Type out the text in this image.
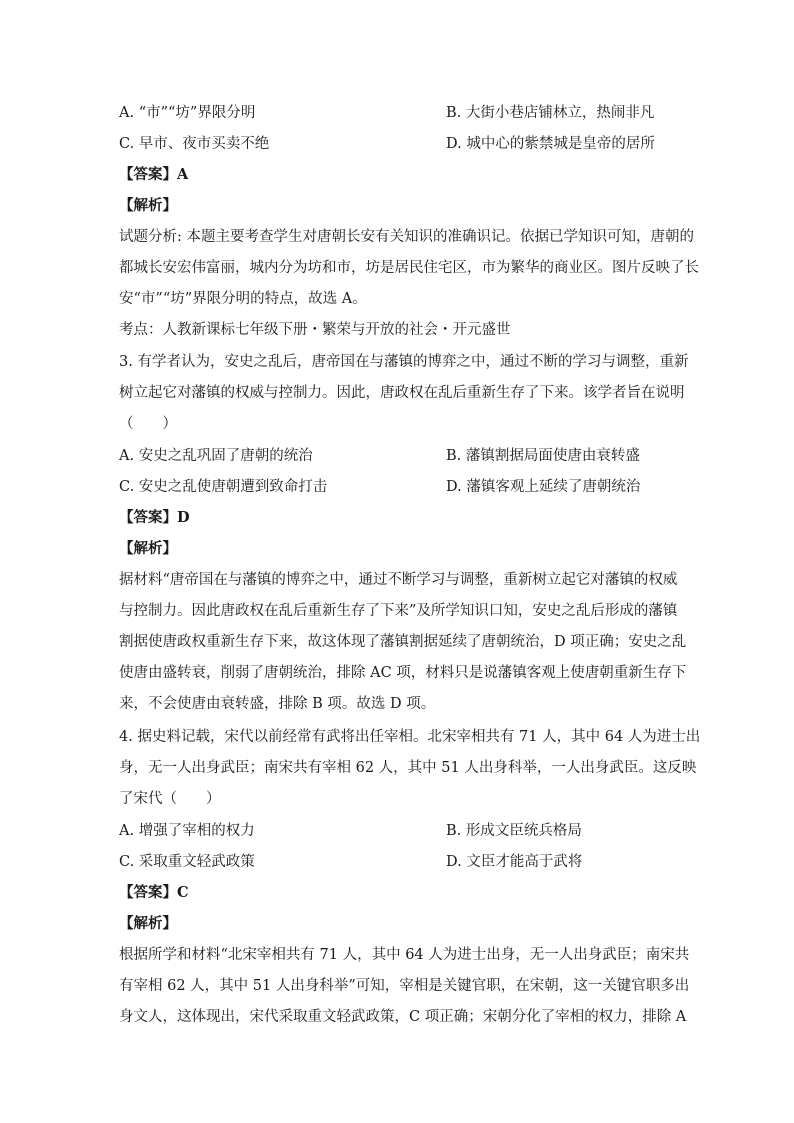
A. “市”“坊”界限分明	B. 大街小巷店铺林立，热闹非凡
C. 早市、夜市买卖不绝	D. 城中心的紫禁城是皇帝的居所
【答案】A
【解析】
试题分析: 本题主要考查学生对唐朝长安有关知识的准确识记。依据已学知识可知，唐朝的
都城长安宏伟富丽，城内分为坊和市，坊是居民住宅区，市为繁华的商业区。图片反映了长
安“市”“坊”界限分明的特点，故选 A。
考点：人教新课标七年级下册・繁荣与开放的社会・开元盛世
3. 有学者认为，安史之乱后，唐帝国在与藩镇的博弈之中，通过不断的学习与调整，重新
树立起它对藩镇的权威与控制力。因此，唐政权在乱后重新生存了下来。该学者旨在说明
（　　）
A. 安史之乱巩固了唐朝的统治	B. 藩镇割据局面使唐由衰转盛
C. 安史之乱使唐朝遭到致命打击	D. 藩镇客观上延续了唐朝统治
【答案】D
【解析】
据材料“唐帝国在与藩镇的博弈之中，通过不断学习与调整，重新树立起它对藩镇的权威
与控制力。因此唐政权在乱后重新生存了下来”及所学知识口知，安史之乱后形成的藩镇
割据使唐政权重新生存下来，故这体现了藩镇割据延续了唐朝统治，D 项正确；安史之乱
使唐由盛转衰，削弱了唐朝统治，排除 AC 项，材料只是说藩镇客观上使唐朝重新生存下
来，不会使唐由衰转盛，排除 B 项。故选 D 项。
4. 据史料记载，宋代以前经常有武将出任宰相。北宋宰相共有 71 人，其中 64 人为进士出
身，无一人出身武臣；南宋共有宰相 62 人，其中 51 人出身科举，一人出身武臣。这反映
了宋代（　　）
A. 增强了宰相的权力	B. 形成文臣统兵格局
C. 采取重文轻武政策	D. 文臣才能高于武将
【答案】C
【解析】
根据所学和材料“北宋宰相共有 71 人，其中 64 人为进士出身，无一人出身武臣；南宋共
有宰相 62 人，其中 51 人出身科举”可知，宰相是关键官职，在宋朝，这一关键官职多出
身文人，这体现出，宋代采取重文轻武政策，C 项正确；宋朝分化了宰相的权力，排除 A
